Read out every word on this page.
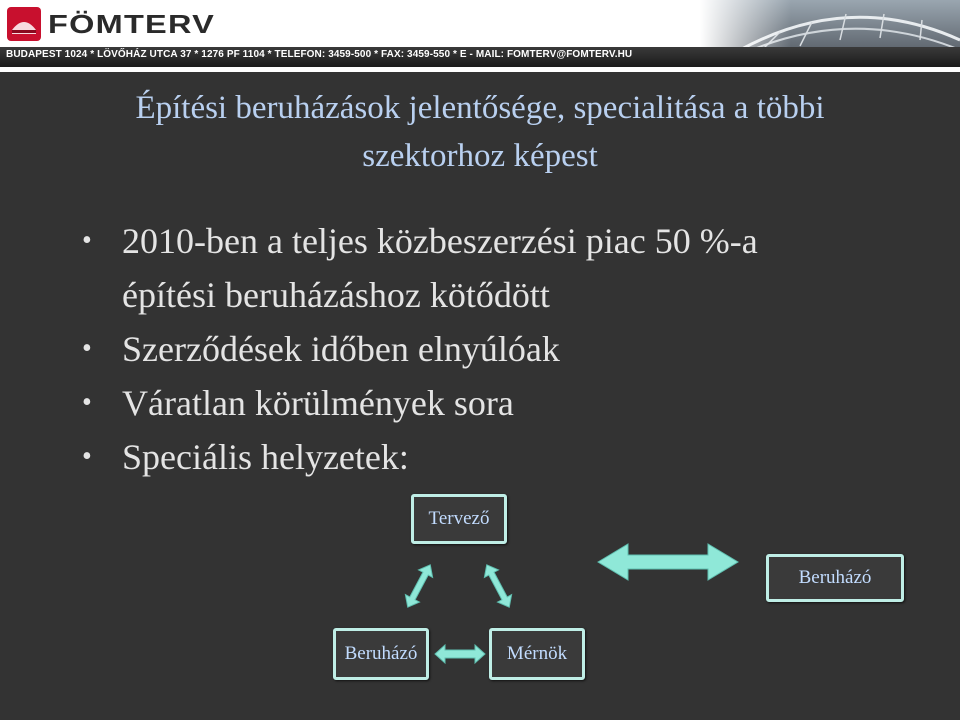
FÖMTERV
BUDAPEST 1024 * LÖVŐHÁZ UTCA 37 * 1276 PF 1104 * TELEFON: 3459-500 * FAX: 3459-550 * E - MAIL: FOMTERV@FOMTERV.HU
Építési beruházások jelentősége, specialitása a többi
szektorhoz képest
• 2010-ben a teljes közbeszerzési piac 50 %-a
építési beruházáshoz kötődött
• Szerződések időben elnyúlóak
• Váratlan körülmények sora
• Speciális helyzetek:
Tervező
Beruházó	Mérnök
Beruházó
